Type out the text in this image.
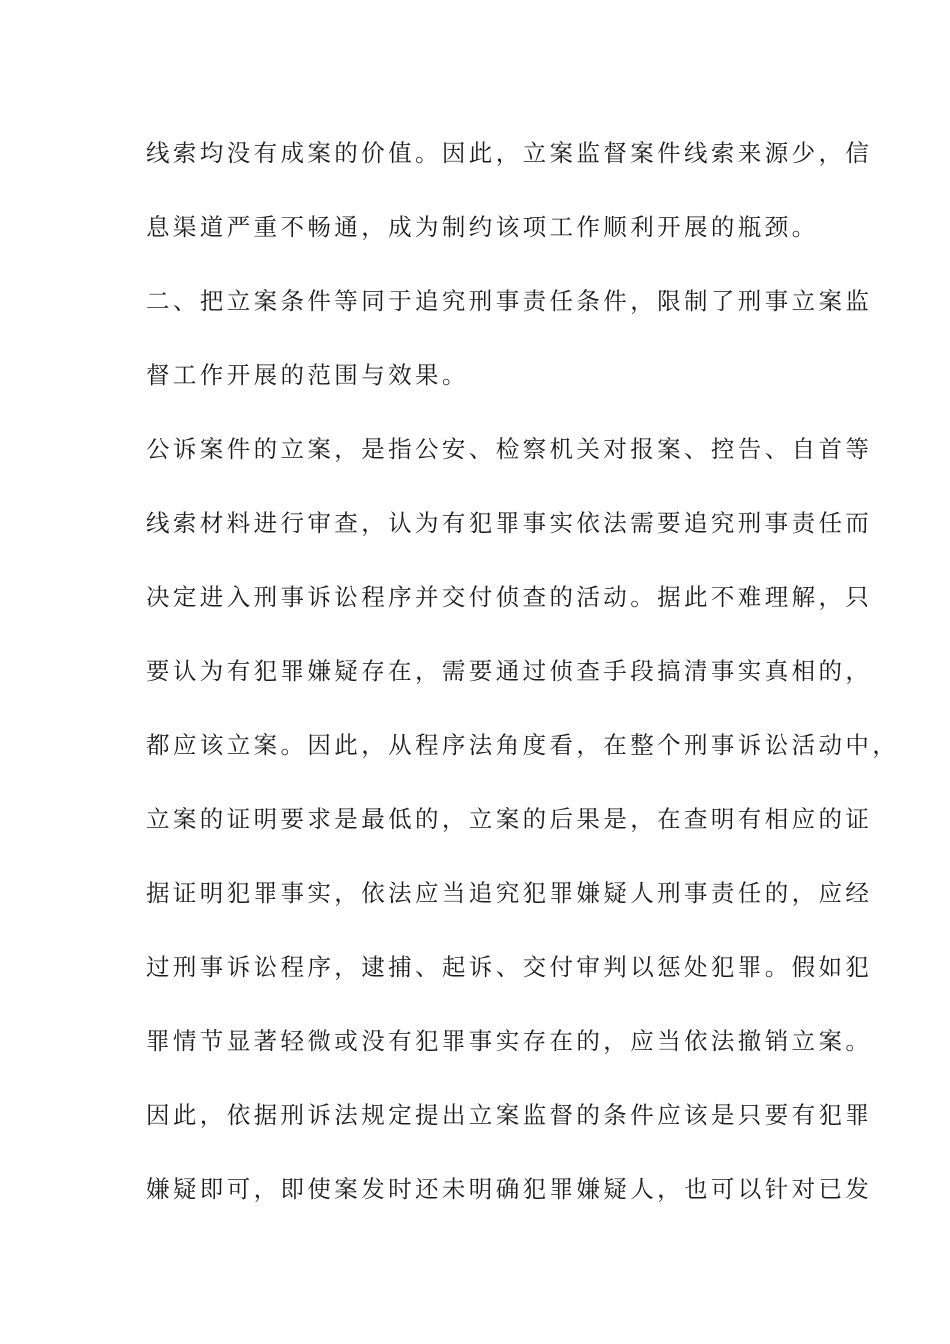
线索均没有成案的价值。因此，立案监督案件线索来源少，信
息渠道严重不畅通，成为制约该项工作顺利开展的瓶颈。
二、把立案条件等同于追究刑事责任条件，限制了刑事立案监
督工作开展的范围与效果。
公诉案件的立案，是指公安、检察机关对报案、控告、自首等
线索材料进行审查，认为有犯罪事实依法需要追究刑事责任而
决定进入刑事诉讼程序并交付侦查的活动。据此不难理解，只
要认为有犯罪嫌疑存在，需要通过侦查手段搞清事实真相的，
都应该立案。因此，从程序法角度看，在整个刑事诉讼活动中，
立案的证明要求是最低的，立案的后果是，在查明有相应的证
据证明犯罪事实，依法应当追究犯罪嫌疑人刑事责任的，应经
过刑事诉讼程序，逮捕、起诉、交付审判以惩处犯罪。假如犯
罪情节显著轻微或没有犯罪事实存在的，应当依法撤销立案。
因此，依据刑诉法规定提出立案监督的条件应该是只要有犯罪
嫌疑即可，即使案发时还未明确犯罪嫌疑人，也可以针对已发
